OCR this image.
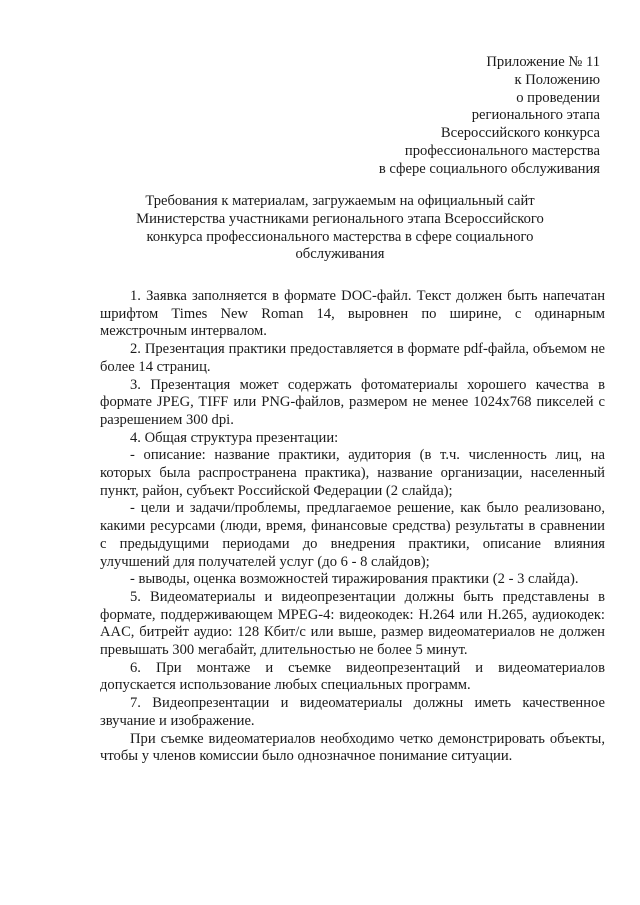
Приложение № 11
к Положению
о проведении
регионального этапа
Всероссийского конкурса
профессионального мастерства
в сфере социального обслуживания
Требования к материалам, загружаемым на официальный сайт
Министерства участниками регионального этапа Всероссийского
конкурса профессионального мастерства в сфере социального
обслуживания

1. Заявка заполняется в формате DOC-файл. Текст должен быть напечатан шрифтом Times New Roman 14, выровнен по ширине, с одинарным межстрочным интервалом.

2. Презентация практики предоставляется в формате pdf-файла, объемом не более 14 страниц.

3. Презентация может содержать фотоматериалы хорошего качества в формате JPEG, TIFF или PNG-файлов, размером не менее 1024x768 пикселей с разрешением 300 dpi.

4. Общая структура презентации:

- описание: название практики, аудитория (в т.ч. численность лиц, на которых была распространена практика), название организации, населенный пункт, район, субъект Российской Федерации (2 слайда);

- цели и задачи/проблемы, предлагаемое решение, как было реализовано, какими ресурсами (люди, время, финансовые средства) результаты в сравнении с предыдущими периодами до внедрения практики, описание влияния улучшений для получателей услуг (до 6 - 8 слайдов);

- выводы, оценка возможностей тиражирования практики (2 - 3 слайда).

5. Видеоматериалы и видеопрезентации должны быть представлены в формате, поддерживающем MPEG-4: видеокодек: H.264 или H.265, аудиокодек: AAC, битрейт аудио: 128 Кбит/с или выше, размер видеоматериалов не должен превышать 300 мегабайт, длительностью не более 5 минут.

6. При монтаже и съемке видеопрезентаций и видеоматериалов допускается использование любых специальных программ.

7. Видеопрезентации и видеоматериалы должны иметь качественное звучание и изображение.

При съемке видеоматериалов необходимо четко демонстрировать объекты, чтобы у членов комиссии было однозначное понимание ситуации.
